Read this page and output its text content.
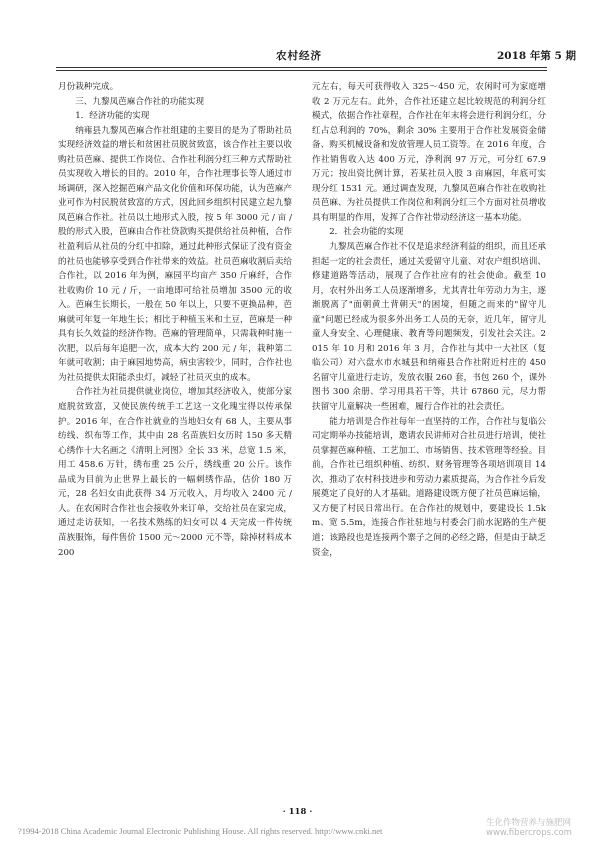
农村经济	2018 年第 5 期

月份栽种完成。

三、九黎凤芭麻合作社的功能实现

1．经济功能的实现

纳雍县九黎凤芭麻合作社组建的主要目的是为了帮助社员实现经济效益的增长和贫困社员脱贫致富，该合作社主要以收购社员芭麻、提供工作岗位、合作社利润分红三种方式帮助社员实现收入增长的目的。2010 年，合作社理事长等人通过市场调研，深入挖掘芭麻产品文化价值和环保功能，认为芭麻产业可作为村民脱贫致富的方式，因此回乡组织村民建立起九黎凤芭麻合作社。社员以土地形式入股，按 5 年 3000 元 / 亩 / 股的形式入股，芭麻由合作社贷款购买提供给社员种植，合作社盈利后从社员的分红中扣除，通过此种形式保证了没有资金的社员也能够享受到合作社带来的效益。社员芭麻收割后卖给合作社，以 2016 年为例，麻园平均亩产 350 斤麻纤，合作社收购价 10 元 / 斤，一亩地即可给社员增加 3500 元的收入。芭麻生长期长，一般在 50 年以上，只要不更换品种，芭麻就可年复一年地生长；相比于种植玉米和土豆，芭麻是一种具有长久效益的经济作物。芭麻的管理简单，只需栽种时施一次肥，以后每年追肥一次，成本大约 200 元 / 年，栽种第二年就可收割；由于麻园地势高，病虫害较少，同时，合作社也为社员提供太阳能杀虫灯，减轻了社员灭虫的成本。

合作社为社员提供就业岗位，增加其经济收入，使部分家庭脱贫致富，又使民族传统手工艺这一文化瑰宝得以传承保护。2016 年，在合作社就业的当地妇女有 68 人，主要从事纺线、织布等工作，其中由 28 名苗族妇女历时 150 多天精心绣作十大名画之《清明上河图》全长 33 米，总宽 1.5 米，用工 458.6 万针，绣布重 25 公斤，绣线重 20 公斤。该作品成为目前为止世界上最长的一幅刺绣作品，估价 180 万元，28 名妇女由此获得 34 万元收入，月均收入 2400 元 / 人。在农闲时合作社也会接收外来订单，交给社员在家完成，通过走访获知，一名技术熟练的妇女可以 4 天完成一件传统苗族服饰，每件售价 1500 元～2000 元不等，除掉材料成本 200

元左右，每天可获得收入 325～450 元，农闲时可为家庭增收 2 万元左右。此外，合作社还建立起比较规范的利润分红模式，依据合作社章程，合作社在年末将会进行利润分红，分红占总利润的 70%，剩余 30% 主要用于合作社发展资金储备、购买机械设备和发放管理人员工资等。在 2016 年度，合作社销售收入达 400 万元，净利润 97 万元，可分红 67.9 万元；按出资比例计算，若某社员入股 3 亩麻园，年底可实现分红 1531 元。通过调查发现，九黎凤芭麻合作社在收购社员芭麻、为社员提供工作岗位和利润分红三个方面对社员增收具有明显的作用，发挥了合作社带动经济这一基本功能。

2．社会功能的实现

九黎凤芭麻合作社不仅是追求经济利益的组织，而且还承担起一定的社会责任，通过关爱留守儿童、对农户组织培训、修建道路等活动，展现了合作社应有的社会使命。截至 10 月，农村外出务工人员逐渐增多，尤其青壮年劳动力为主，逐渐脱离了"面朝黄土背朝天"的困境，但随之而来的"留守儿童"问题已经成为很多外出务工人员的无奈，近几年，留守儿童人身安全、心理健康、教育等问题频发，引发社会关注。2015 年 10 月和 2016 年 3 月，合作社与其中一大社区（复临公司）对六盘水市水城县和纳雍县合作社附近村庄的 450 名留守儿童进行走访，发放衣服 260 套，书包 260 个，课外图书 300 余册、学习用具若干等，共计 67860 元，尽力帮扶留守儿童解决一些困难，履行合作社的社会责任。

能力培训是合作社每年一直坚持的工作，合作社与复临公司定期举办技能培训，邀请农民讲师对合社员进行培训，使社员掌握芭麻种植、工艺加工、市场销售、技术管理等经验。目前，合作社已组织种植、纺织、财务管理等各项培训项目 14 次，推动了农村科技进步和劳动力素质提高，为合作社今后发展奠定了良好的人才基础。道路建设既方便了社员芭麻运输，又方便了村民日常出行。在合作社的规划中，要建设长 1.5km、宽 5.5m，连接合作社驻地与村委会门前水泥路的生产便道；该路段也是连接两个寨子之间的必经之路，但是由于缺乏资金，

· 118 ·
?1994-2018 China Academic Journal Electronic Publishing House. All rights reserved. http://www.cnki.net
生化作物营养与施肥网 www.fibercrops.com
